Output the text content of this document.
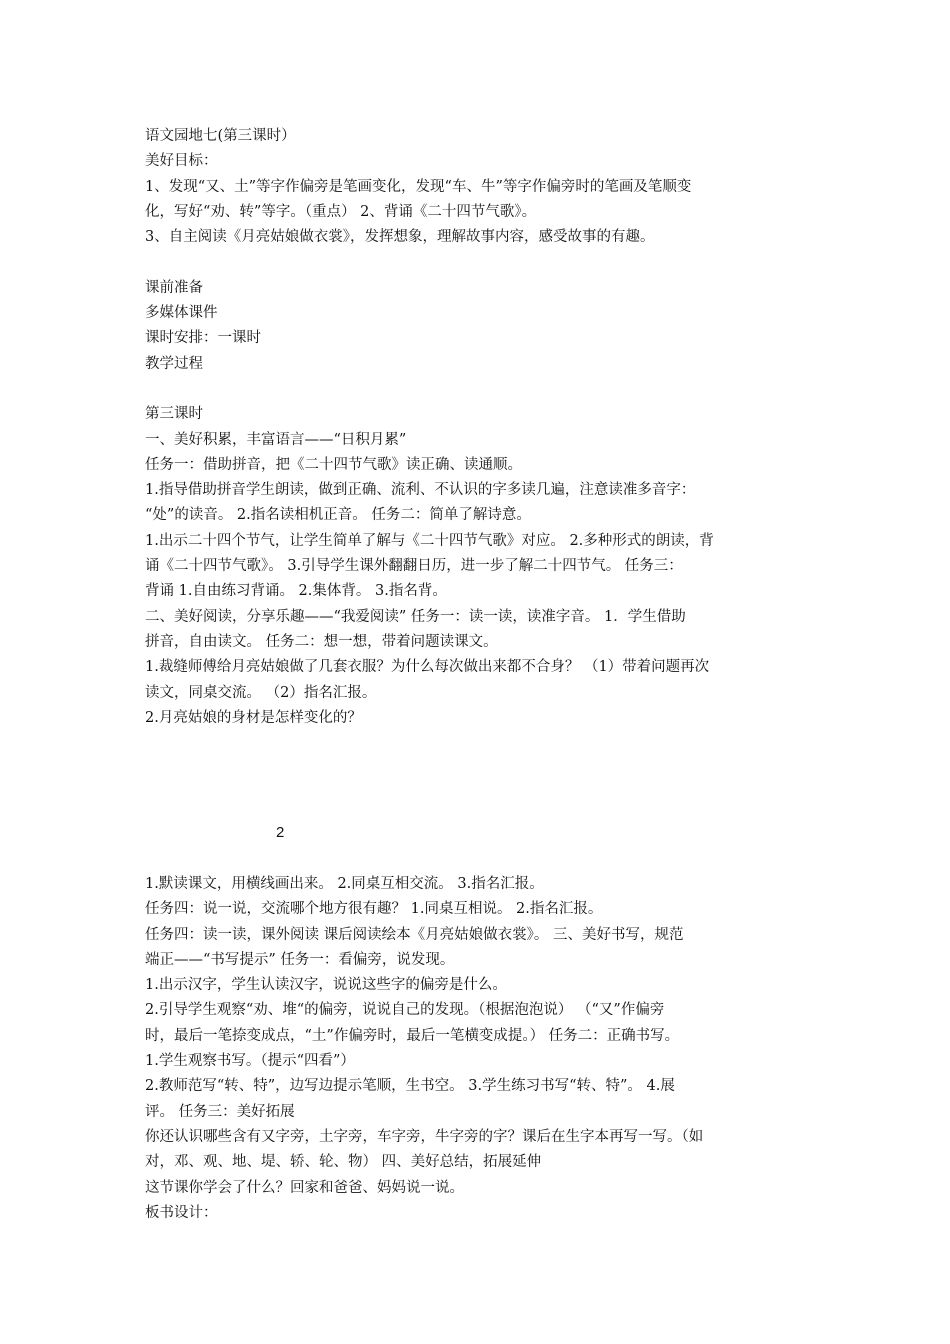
语文园地七(第三课时）
美好目标：
1、发现“又、土”等字作偏旁是笔画变化，发现“车、牛”等字作偏旁时的笔画及笔顺变
化，写好“劝、转”等字。（重点） 2、背诵《二十四节气歌》。
3、自主阅读《月亮姑娘做衣裳》，发挥想象，理解故事内容，感受故事的有趣。
课前准备
多媒体课件
课时安排：一课时
教学过程
第三课时
一、美好积累，丰富语言——“日积月累”
任务一：借助拼音，把《二十四节气歌》读正确、读通顺。
1.指导借助拼音学生朗读，做到正确、流利、不认识的字多读几遍，注意读准多音字：
“处”的读音。 2.指名读相机正音。 任务二：简单了解诗意。
1.出示二十四个节气，让学生简单了解与《二十四节气歌》对应。 2.多种形式的朗读，背
诵《二十四节气歌》。 3.引导学生课外翻翻日历，进一步了解二十四节气。 任务三：
背诵 1.自由练习背诵。 2.集体背。 3.指名背。
二、美好阅读，分享乐趣——“我爱阅读” 任务一：读一读，读准字音。 1．学生借助
拼音，自由读文。 任务二：想一想，带着问题读课文。
1.裁缝师傅给月亮姑娘做了几套衣服？为什么每次做出来都不合身？ （1）带着问题再次
读文，同桌交流。 （2）指名汇报。
2.月亮姑娘的身材是怎样变化的？
2
1.默读课文，用横线画出来。 2.同桌互相交流。 3.指名汇报。
任务四：说一说，交流哪个地方很有趣？ 1.同桌互相说。 2.指名汇报。
任务四：读一读，课外阅读 课后阅读绘本《月亮姑娘做衣裳》。 三、美好书写，规范
端正——“书写提示” 任务一：看偏旁，说发现。
1.出示汉字，学生认读汉字，说说这些字的偏旁是什么。
2.引导学生观察“劝、堆“的偏旁，说说自己的发现。（根据泡泡说） （“又”作偏旁
时，最后一笔捺变成点，“土”作偏旁时，最后一笔横变成提。） 任务二：正确书写。
1.学生观察书写。（提示“四看”）
2.教师范写“转、特”，边写边提示笔顺，生书空。 3.学生练习书写“转、特”。 4.展
评。 任务三：美好拓展
你还认识哪些含有又字旁，土字旁，车字旁，牛字旁的字？课后在生字本再写一写。（如
对，邓、观、地、堤、轿、轮、物） 四、美好总结，拓展延伸
这节课你学会了什么？回家和爸爸、妈妈说一说。
板书设计：
